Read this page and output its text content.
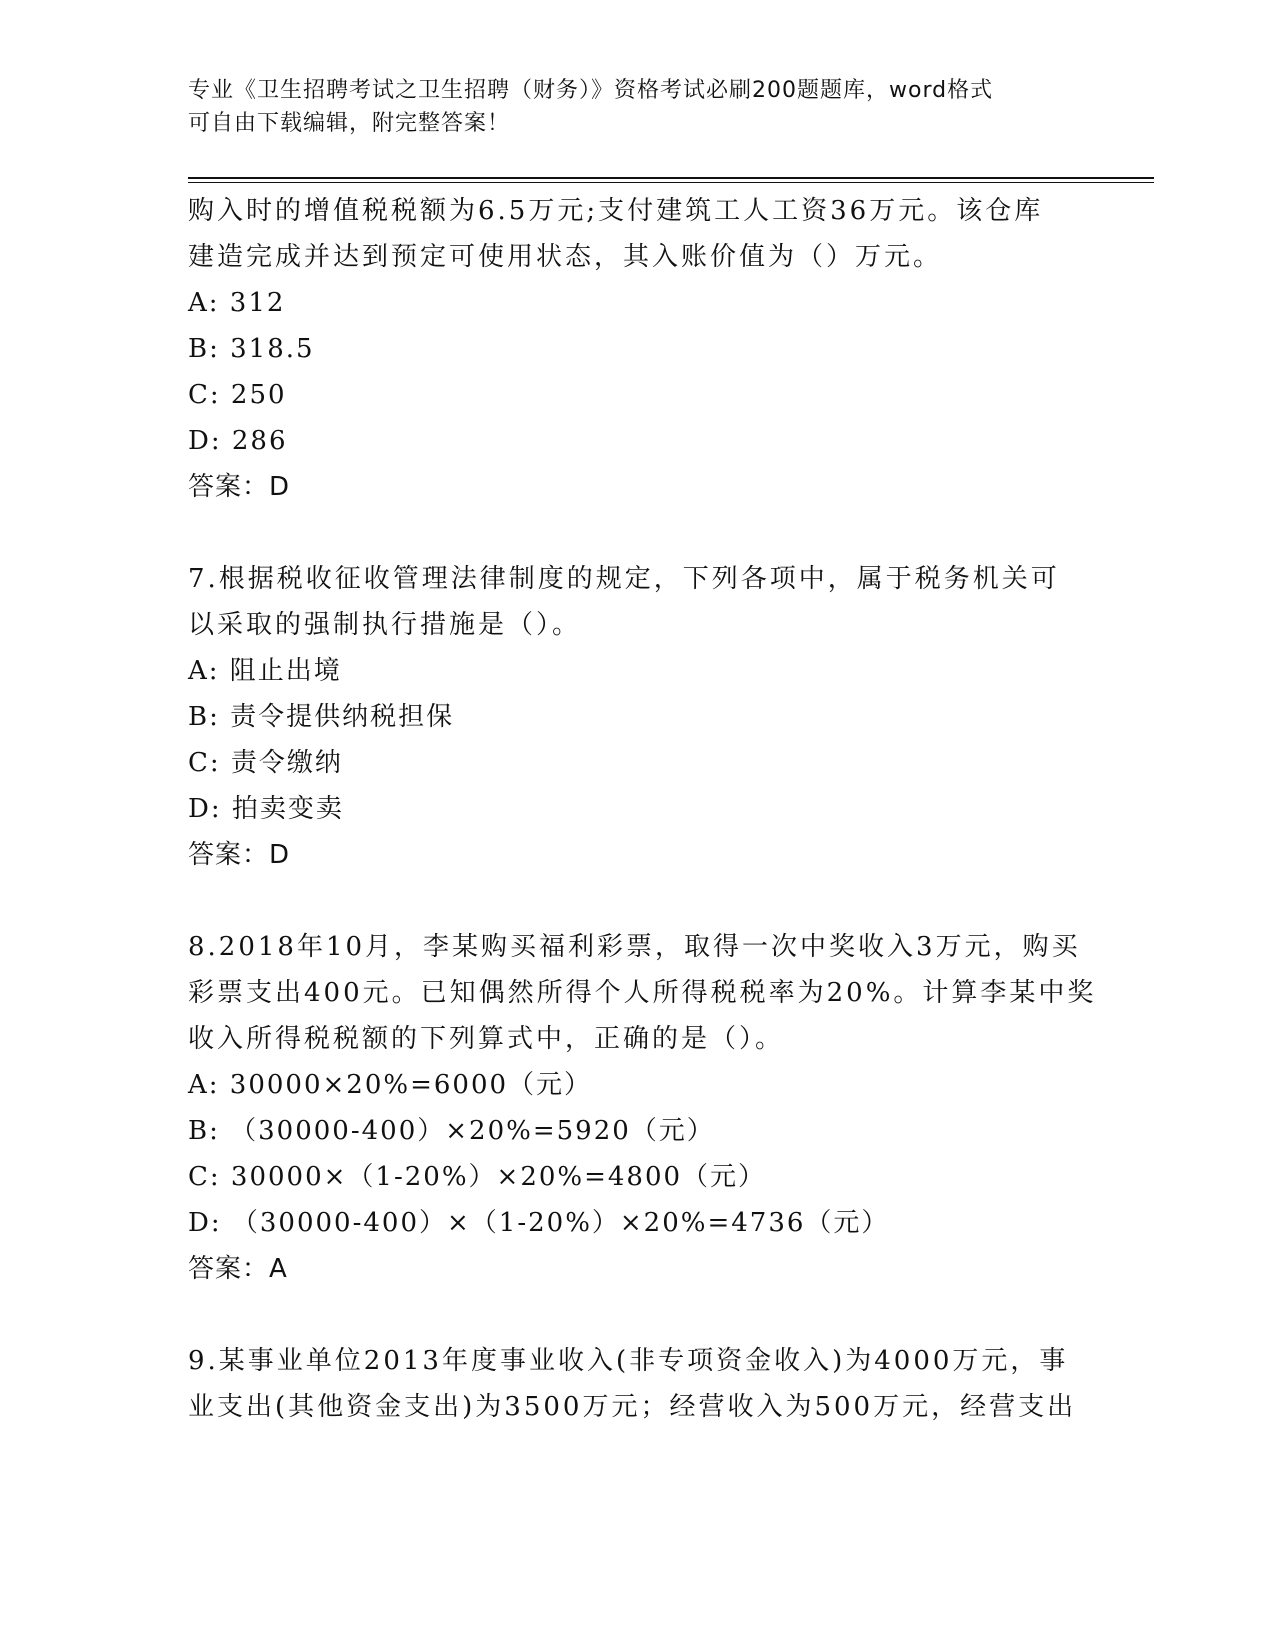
专业《卫生招聘考试之卫生招聘（财务）》资格考试必刷200题题库，word格式
可自由下载编辑，附完整答案！
购入时的增值税税额为6.5万元;支付建筑工人工资36万元。该仓库
建造完成并达到预定可使用状态，其入账价值为（）万元。
A: 312
B: 318.5
C: 250
D: 286
答案：D
7.根据税收征收管理法律制度的规定，下列各项中，属于税务机关可
以采取的强制执行措施是（）。
A: 阻止出境
B: 责令提供纳税担保
C: 责令缴纳
D: 拍卖变卖
答案：D
8.2018年10月，李某购买福利彩票，取得一次中奖收入3万元，购买
彩票支出400元。已知偶然所得个人所得税税率为20%。计算李某中奖
收入所得税税额的下列算式中，正确的是（）。
A: 30000×20%=6000（元）
B: （30000-400）×20%=5920（元）
C: 30000×（1-20%）×20%=4800（元）
D: （30000-400）×（1-20%）×20%=4736（元）
答案：A
9.某事业单位2013年度事业收入(非专项资金收入)为4000万元，事
业支出(其他资金支出)为3500万元；经营收入为500万元，经营支出
